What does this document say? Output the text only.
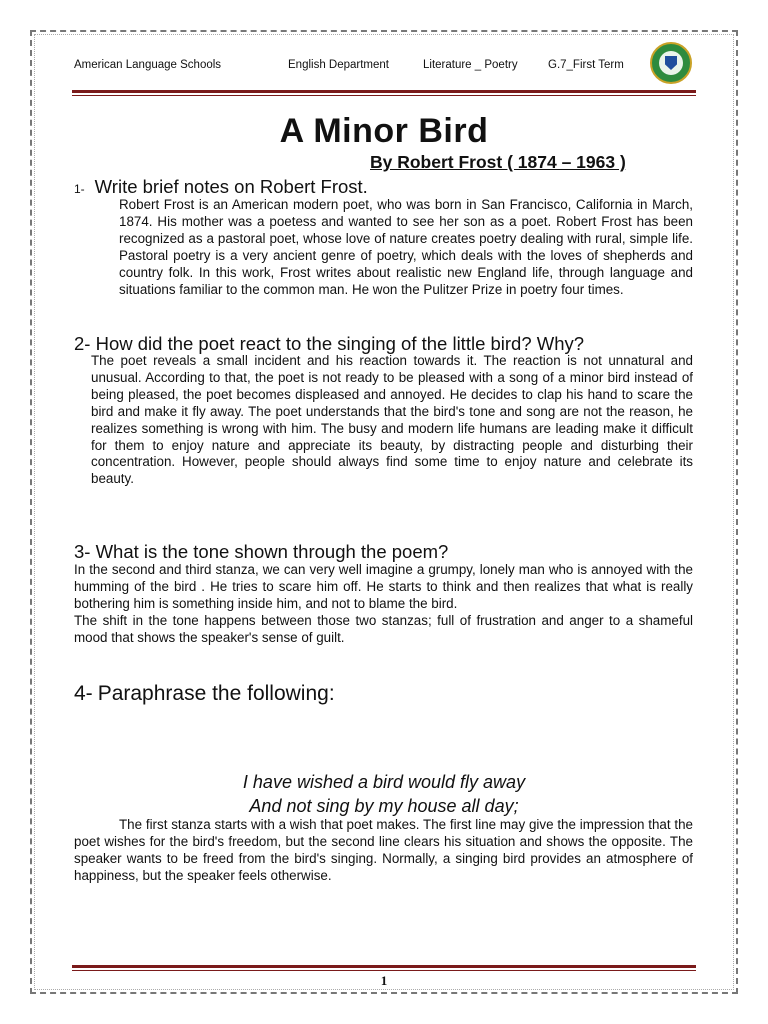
American Language Schools	English Department	Literature _ Poetry	G.7_First Term
A Minor Bird
By Robert Frost ( 1874 – 1963 )
1- Write brief notes on Robert Frost.

Robert Frost is an American modern poet, who was born in San Francisco, California in March, 1874. His mother was a poetess and wanted to see her son as a poet. Robert Frost has been recognized as a pastoral poet, whose love of nature creates poetry dealing with rural, simple life. Pastoral poetry is a very ancient genre of poetry, which deals with the loves of shepherds and country folk. In this work, Frost writes about realistic new England life, through language and situations familiar to the common man. He won the Pulitzer Prize in poetry four times.

2- How did the poet react to the singing of the little bird? Why?

The poet reveals a small incident and his reaction towards it. The reaction is not unnatural and unusual. According to that, the poet is not ready to be pleased with a song of a minor bird instead of being pleased, the poet becomes displeased and annoyed. He decides to clap his hand to scare the bird and make it fly away. The poet understands that the bird's tone and song are not the reason, he realizes something is wrong with him. The busy and modern life humans are leading make it difficult for them to enjoy nature and appreciate its beauty, by distracting people and disturbing their concentration. However, people should always find some time to enjoy nature and celebrate its beauty.

3- What is the tone shown through the poem?

In the second and third stanza, we can very well imagine a grumpy, lonely man who is annoyed with the humming of the bird . He tries to scare him off. He starts to think and then realizes that what is really bothering him is something inside him, and not to blame the bird.

The shift in the tone happens between those two stanzas; full of frustration and anger to a shameful mood that shows the speaker's sense of guilt.

4- Paraphrase the following:
I have wished a bird would fly away
And not sing by my house all day;

The first stanza starts with a wish that poet makes. The first line may give the impression that the poet wishes for the bird's freedom, but the second line clears his situation and shows the opposite. The speaker wants to be freed from the bird's singing. Normally, a singing bird provides an atmosphere of happiness, but the speaker feels otherwise.

1
